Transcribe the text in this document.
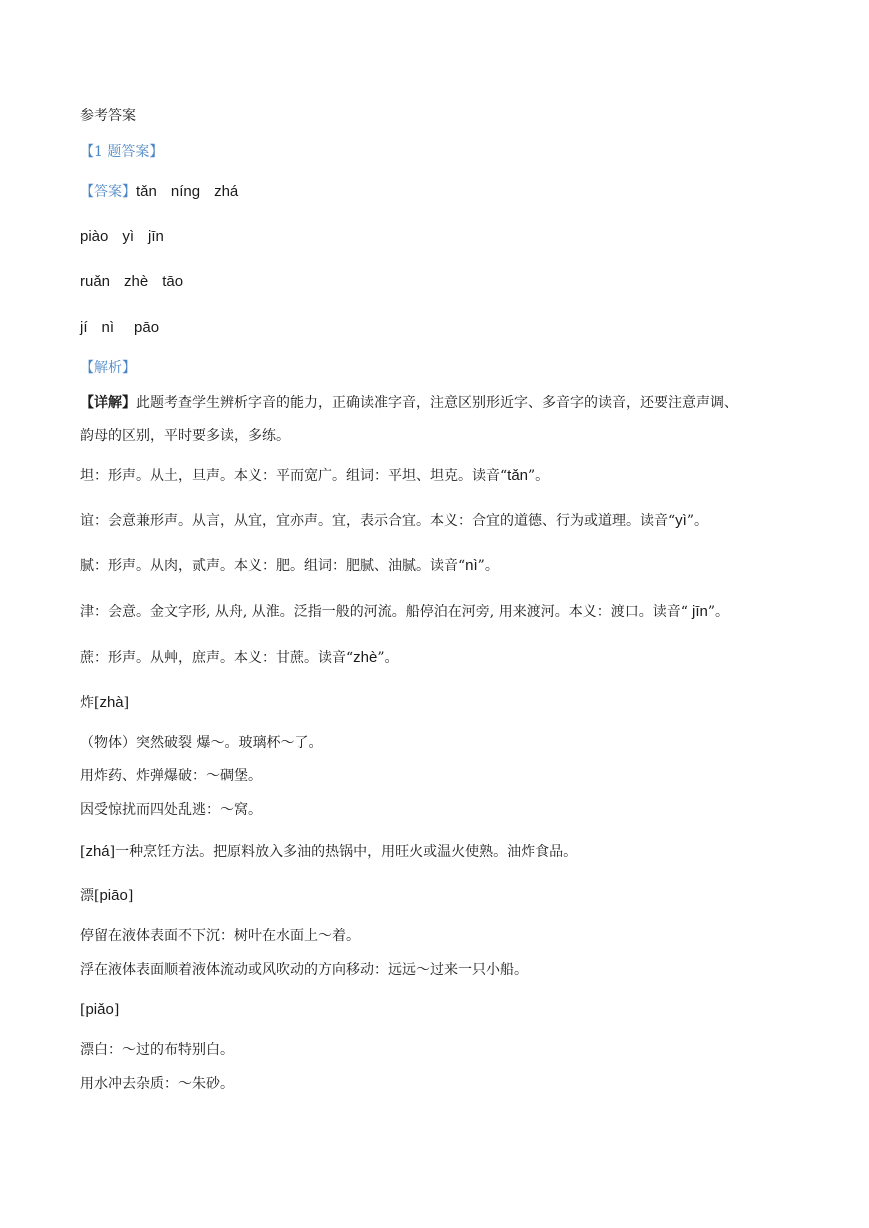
参考答案
【1 题答案】
【答案】tǎn níng zhá
piào yì jīn
ruǎn zhè tāo
jí nì pāo
【解析】
【详解】此题考查学生辨析字音的能力，正确读准字音，注意区别形近字、多音字的读音，还要注意声调、
韵母的区别，平时要多读，多练。
坦：形声。从土，旦声。本义：平而宽广。组词：平坦、坦克。读音“tǎn”。
谊：会意兼形声。从言，从宜，宜亦声。宜，表示合宜。本义：合宜的道德、行为或道理。读音“yì”。
腻：形声。从肉，贰声。本义：肥。组词：肥腻、油腻。读音“nì”。
津：会意。金文字形, 从舟, 从淮。泛指一般的河流。船停泊在河旁, 用来渡河。本义：渡口。读音“ jīn”。
蔗：形声。从艸，庶声。本义：甘蔗。读音“zhè”。
炸[zhà]
（物体）突然破裂 爆～。玻璃杯～了。
用炸药、炸弹爆破：～碉堡。
因受惊扰而四处乱逃：～窝。
[zhá]一种烹饪方法。把原料放入多油的热锅中，用旺火或温火使熟。油炸食品。
漂[piāo]
停留在液体表面不下沉：树叶在水面上～着。
浮在液体表面顺着液体流动或风吹动的方向移动：远远～过来一只小船。
[piǎo]
漂白：～过的布特别白。
用水冲去杂质：～朱砂。
